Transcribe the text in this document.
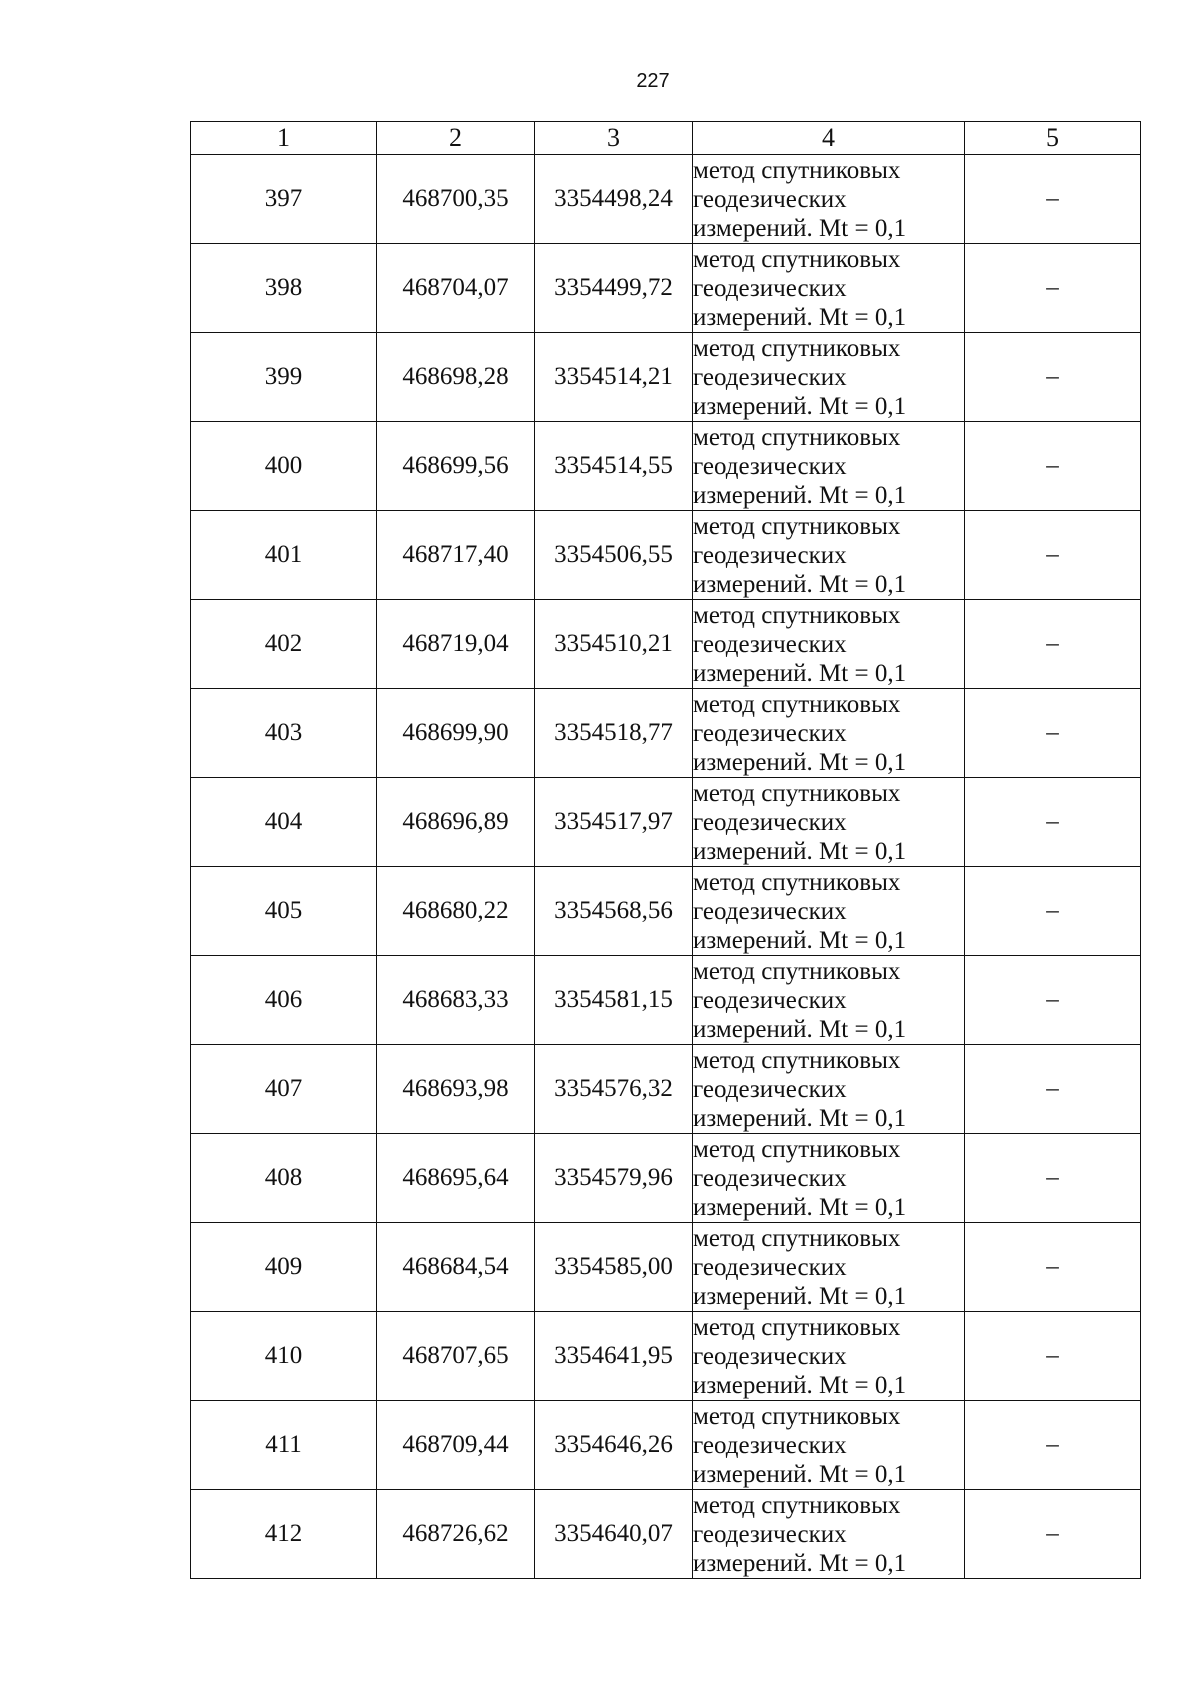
227
1	2	3	4	5
397	468700,35	3354498,24	метод спутниковых
геодезических
измерений. Mt = 0,1	–
398	468704,07	3354499,72	метод спутниковых
геодезических
измерений. Mt = 0,1	–
399	468698,28	3354514,21	метод спутниковых
геодезических
измерений. Mt = 0,1	–
400	468699,56	3354514,55	метод спутниковых
геодезических
измерений. Mt = 0,1	–
401	468717,40	3354506,55	метод спутниковых
геодезических
измерений. Mt = 0,1	–
402	468719,04	3354510,21	метод спутниковых
геодезических
измерений. Mt = 0,1	–
403	468699,90	3354518,77	метод спутниковых
геодезических
измерений. Mt = 0,1	–
404	468696,89	3354517,97	метод спутниковых
геодезических
измерений. Mt = 0,1	–
405	468680,22	3354568,56	метод спутниковых
геодезических
измерений. Mt = 0,1	–
406	468683,33	3354581,15	метод спутниковых
геодезических
измерений. Mt = 0,1	–
407	468693,98	3354576,32	метод спутниковых
геодезических
измерений. Mt = 0,1	–
408	468695,64	3354579,96	метод спутниковых
геодезических
измерений. Mt = 0,1	–
409	468684,54	3354585,00	метод спутниковых
геодезических
измерений. Mt = 0,1	–
410	468707,65	3354641,95	метод спутниковых
геодезических
измерений. Mt = 0,1	–
411	468709,44	3354646,26	метод спутниковых
геодезических
измерений. Mt = 0,1	–
412	468726,62	3354640,07	метод спутниковых
геодезических
измерений. Mt = 0,1	–
